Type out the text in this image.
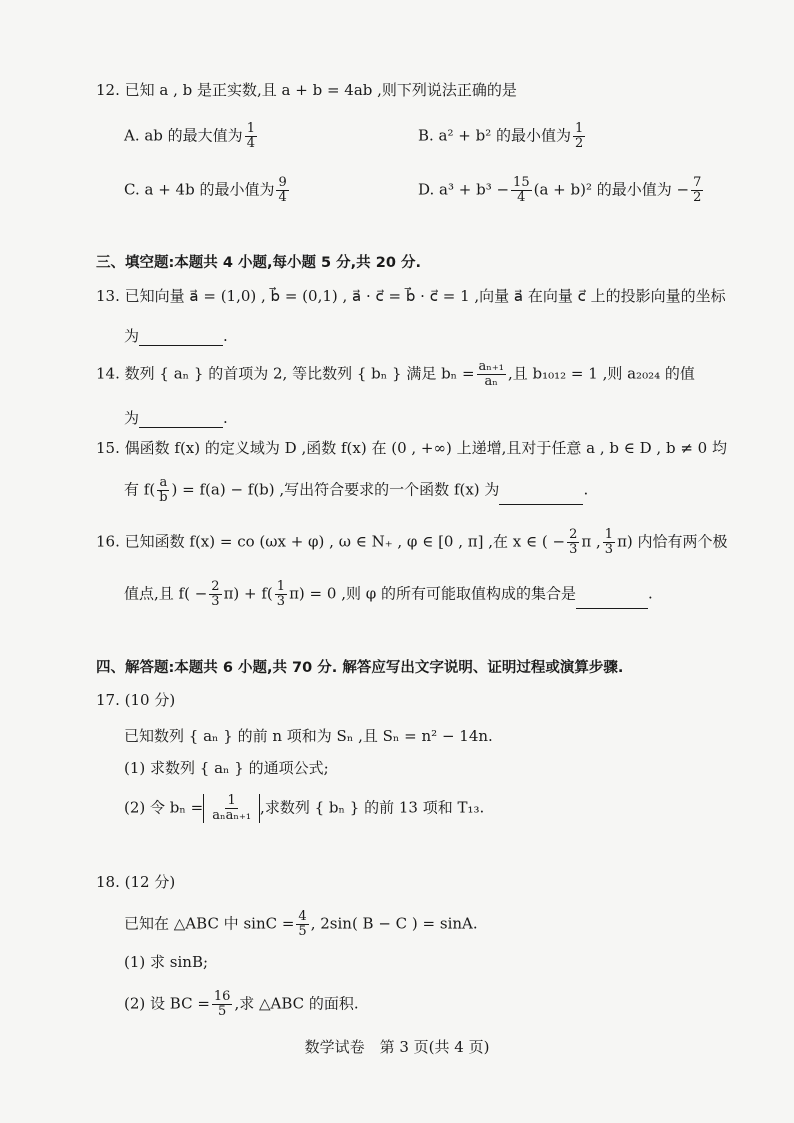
12. 已知 a , b 是正实数,且 a + b = 4ab ,则下列说法正确的是
A. ab 的最大值为 $\frac{1}{4}$	B. a² + b² 的最小值为 $\frac{1}{2}$
C. a + 4b 的最小值为 $\frac{9}{4}$	D. $a^3 + b^3 - \frac{15}{4} (a + b)^2$ 的最小值为 − $\frac{7}{2}$
三、填空题:本题共 4 小题,每小题 5 分,共 20 分.
13. 已知向量 a⃗ = (1,0) , b⃗ = (0,1) , a⃗ · c⃗ = b⃗ · c⃗ = 1 ,向量 a⃗ 在向量 c⃗ 上的投影向量的坐标
为	.
14. 数列 { aₙ } 的首项为 2, 等比数列 { bₙ } 满足 $b_n = \frac{\text{aₙ₊₁}}{\text{aₙ}}$ ,且 b₁₀₁₂ = 1 ,则 a₂₀₂₄ 的值
为	.
15. 偶函数 f(x) 的定义域为 D ,函数 f(x) 在 (0 , +∞) 上递增,且对于任意 a , b ∈ D , b ≠ 0 均
有 $f( \frac{a}{b}$ ) = f(a) − f(b) ,写出符合要求的一个函数 f(x) 为	.
16. 已知函数 f(x) = co (ωx + φ) , ω ∈ N₊ , φ ∈ [0 , π] ,在 x ∈ ( − $\frac{2}{3}$ π , $\frac{1}{3} \pi$) 内恰有两个极
值点,且 $f( - \frac{2}{3} \pi) + f( \frac{1}{3} \pi) = 0$ ,则 φ 的所有可能取值构成的集合是	.
四、解答题:本题共 6 小题,共 70 分. 解答应写出文字说明、证明过程或演算步骤.
17. (10 分)
已知数列 { aₙ } 的前 n 项和为 Sₙ ,且 Sₙ = n² − 14n.
(1) 求数列 { aₙ } 的通项公式;
(2) 令 $b_n = \frac{1}{\text{aₙaₙ₊₁}}$ ,求数列 { bₙ } 的前 13 项和 T₁₃.
18. (12 分)
已知在 △ABC 中 $\sin C = \frac{4}{5}$ , 2sin( B − C ) = sinA.
(1) 求 sinB;
(2) 设 BC = $\frac{16}{5}$ ,求 △ABC 的面积.
数学试卷　第 3 页(共 4 页)
